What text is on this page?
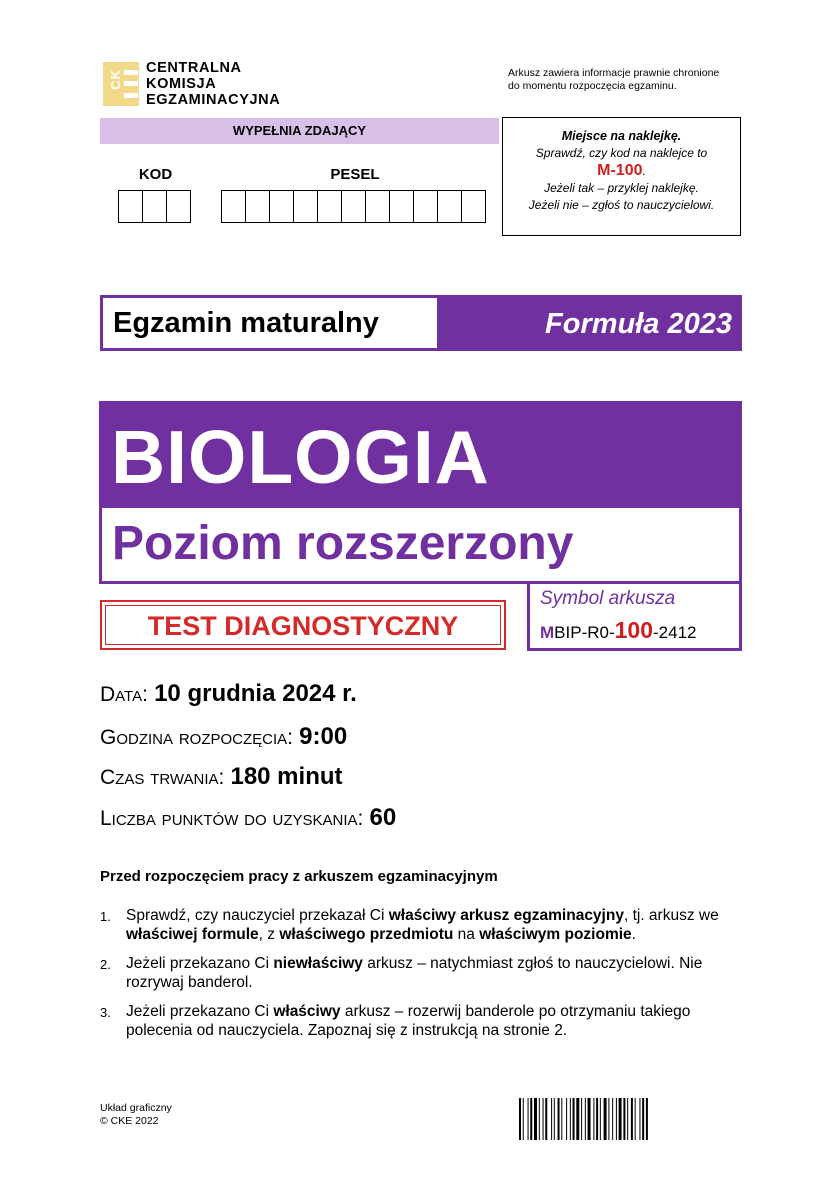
CK
CENTRALNA
KOMISJA
EGZAMINACYJNA
Arkusz zawiera informacje prawnie chronione
do momentu rozpoczęcia egzaminu.
WYPEŁNIA ZDAJĄCY
KOD	PESEL
Miejsce na naklejkę.
Sprawdź, czy kod na naklejce to
M-100.
Jeżeli tak – przyklej naklejkę.
Jeżeli nie – zgłoś to nauczycielowi.
Egzamin maturalny	Formuła 2023
BIOLOGIA
Poziom rozszerzony
TEST DIAGNOSTYCZNY
Symbol arkusza
MBIP-R0-100-2412
Data: 10 grudnia 2024 r.
Godzina rozpoczęcia: 9:00
Czas trwania: 180 minut
Liczba punktów do uzyskania: 60
Przed rozpoczęciem pracy z arkuszem egzaminacyjnym
1. Sprawdź, czy nauczyciel przekazał Ci właściwy arkusz egzaminacyjny, tj. arkusz we właściwej formule, z właściwego przedmiotu na właściwym poziomie.
2. Jeżeli przekazano Ci niewłaściwy arkusz – natychmiast zgłoś to nauczycielowi. Nie rozrywaj banderol.
3. Jeżeli przekazano Ci właściwy arkusz – rozerwij banderole po otrzymaniu takiego polecenia od nauczyciela. Zapoznaj się z instrukcją na stronie 2.
Układ graficzny
© CKE 2022
